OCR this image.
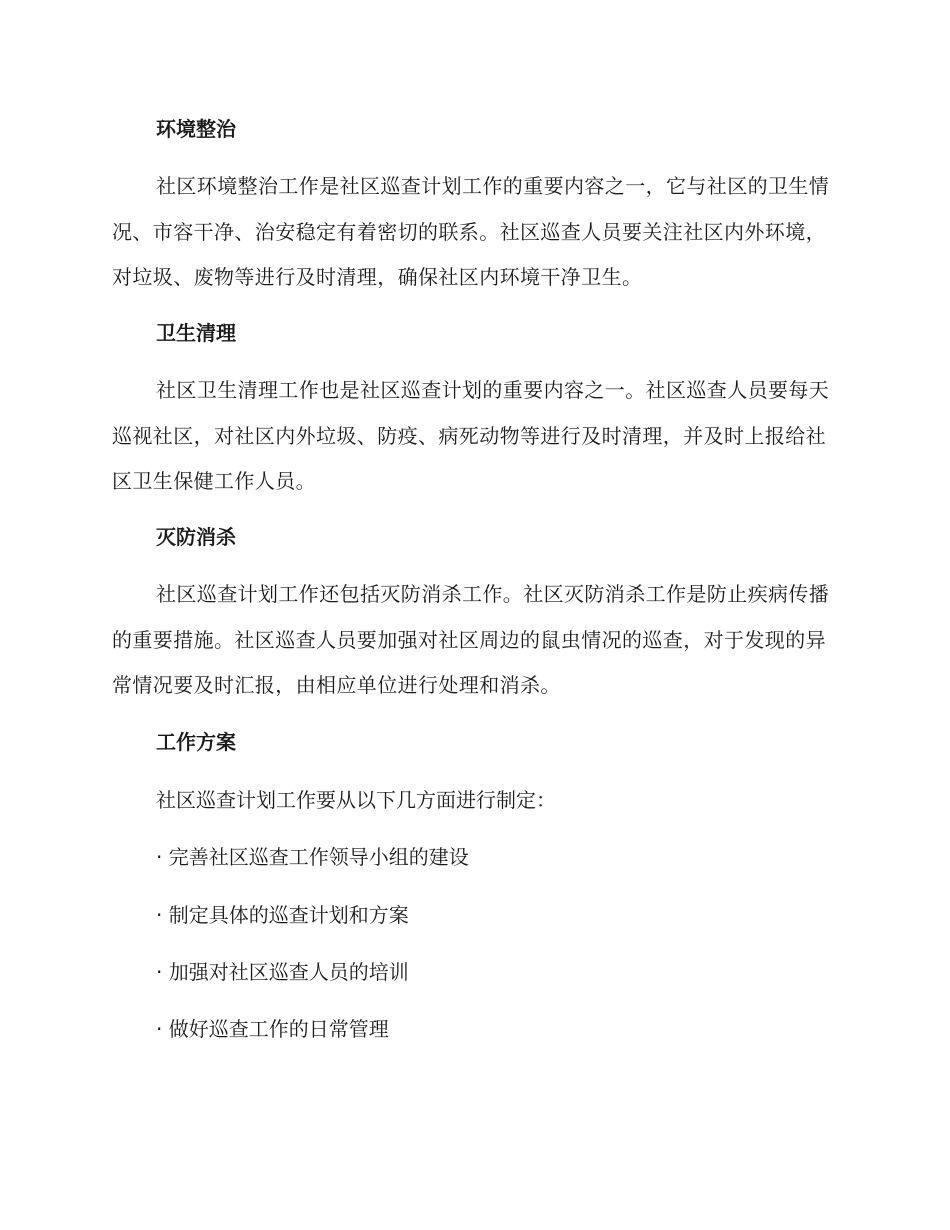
环境整治
社区环境整治工作是社区巡查计划工作的重要内容之一，它与社区的卫生情况、市容干净、治安稳定有着密切的联系。社区巡查人员要关注社区内外环境，对垃圾、废物等进行及时清理，确保社区内环境干净卫生。
卫生清理
社区卫生清理工作也是社区巡查计划的重要内容之一。社区巡查人员要每天巡视社区，对社区内外垃圾、防疫、病死动物等进行及时清理，并及时上报给社区卫生保健工作人员。
灭防消杀
社区巡查计划工作还包括灭防消杀工作。社区灭防消杀工作是防止疾病传播的重要措施。社区巡查人员要加强对社区周边的鼠虫情况的巡查，对于发现的异常情况要及时汇报，由相应单位进行处理和消杀。
工作方案
社区巡查计划工作要从以下几方面进行制定：
· 完善社区巡查工作领导小组的建设
· 制定具体的巡查计划和方案
· 加强对社区巡查人员的培训
· 做好巡查工作的日常管理
